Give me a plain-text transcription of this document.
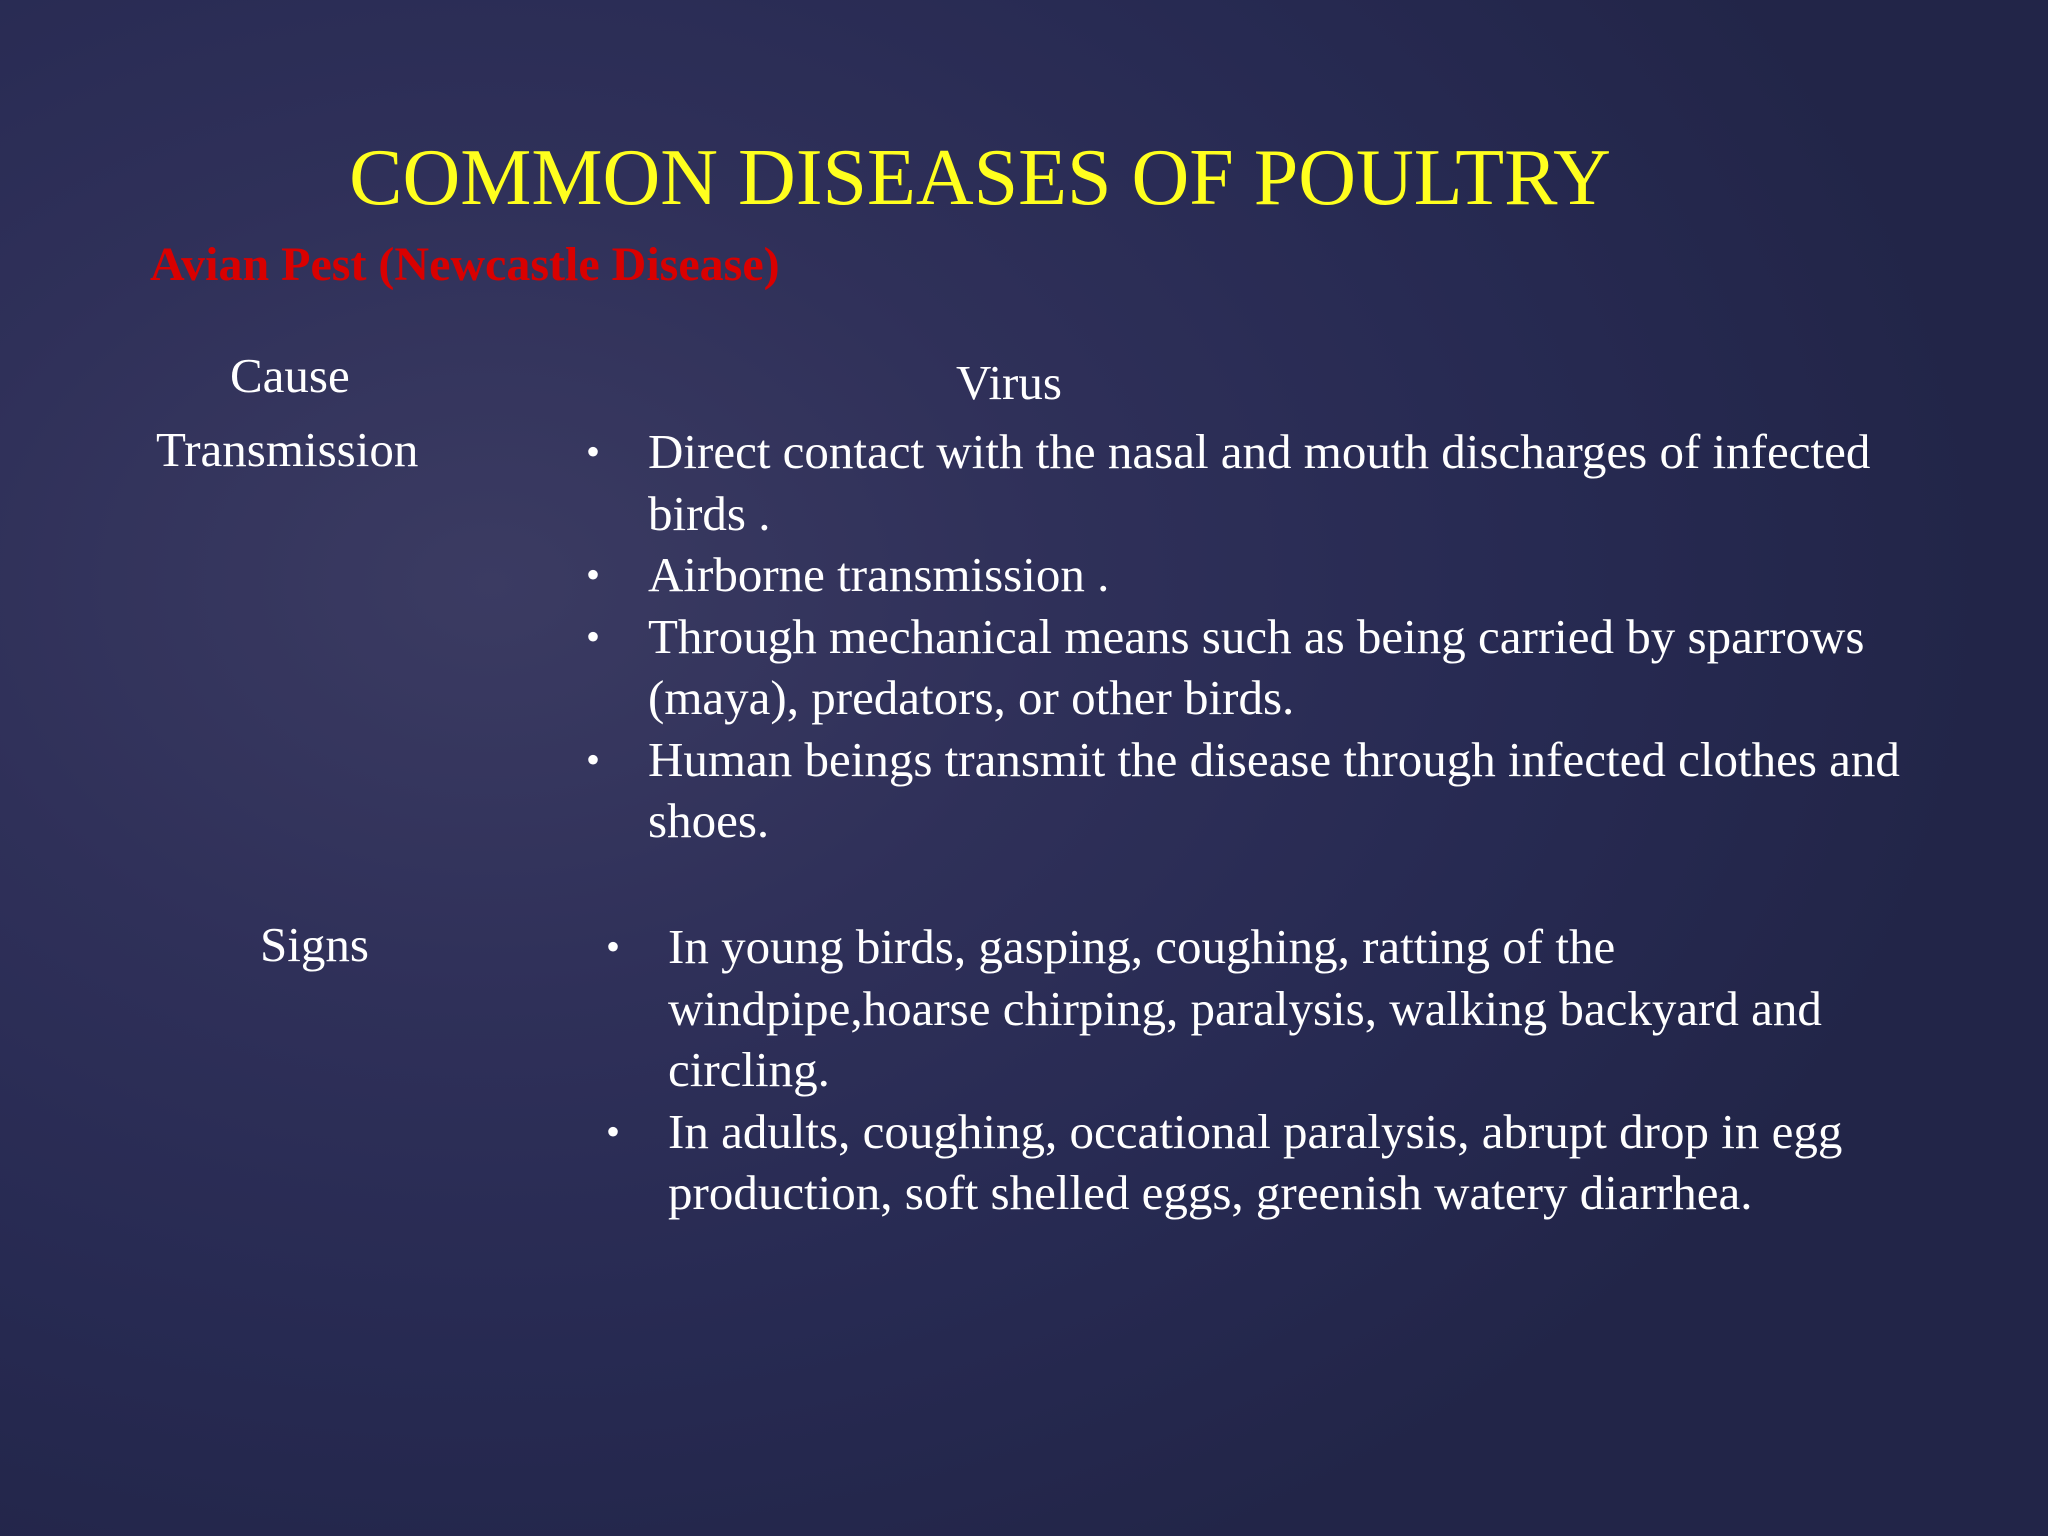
COMMON DISEASES OF POULTRY
Avian Pest (Newcastle Disease)

Cause	Virus

Transmission	• Direct contact with the nasal and mouth discharges of infected birds .
• Airborne transmission .
• Through mechanical means such as being carried by sparrows (maya), predators, or other birds.
• Human beings transmit the disease through infected clothes and shoes.

Signs	• In young birds, gasping, coughing, ratting of the windpipe,hoarse chirping, paralysis, walking backyard and circling.
• In adults, coughing, occational paralysis, abrupt drop in egg production, soft shelled eggs, greenish watery diarrhea.
